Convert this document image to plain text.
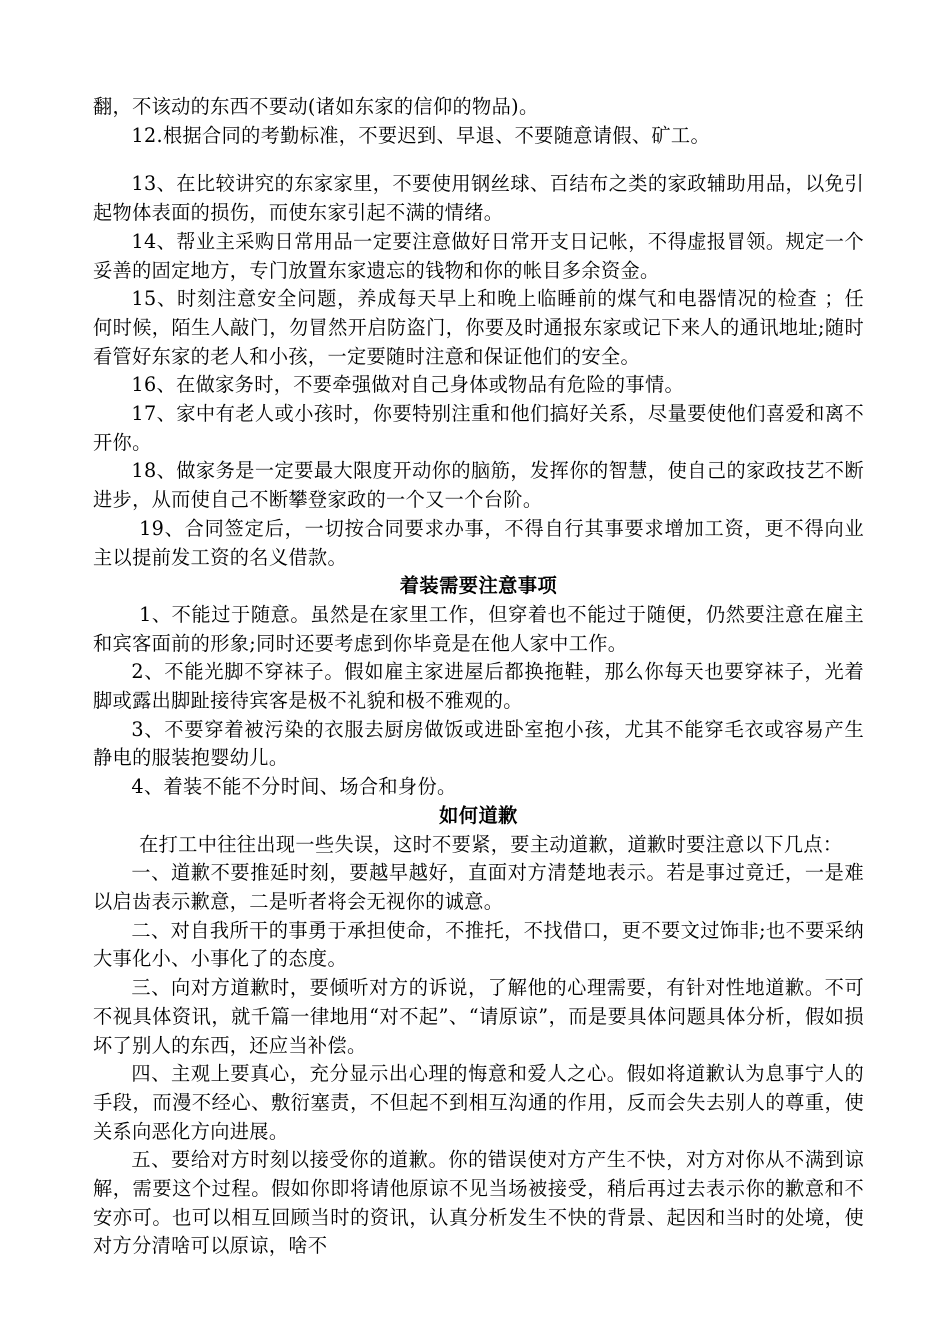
翻，不该动的东西不要动(诸如东家的信仰的物品)。

12.根据合同的考勤标准，不要迟到、早退、不要随意请假、矿工。

13、在比较讲究的东家家里，不要使用钢丝球、百结布之类的家政辅助用品，以免引起物体表面的损伤，而使东家引起不满的情绪。

14、帮业主采购日常用品一定要注意做好日常开支日记帐，不得虚报冒领。规定一个妥善的固定地方，专门放置东家遗忘的钱物和你的帐目多余资金。

15、时刻注意安全问题，养成每天早上和晚上临睡前的煤气和电器情况的检查 ；任何时候，陌生人敲门，勿冒然开启防盗门，你要及时通报东家或记下来人的通讯地址;随时看管好东家的老人和小孩，一定要随时注意和保证他们的安全。

16、在做家务时，不要牵强做对自己身体或物品有危险的事情。

17、家中有老人或小孩时，你要特别注重和他们搞好关系，尽量要使他们喜爱和离不开你。

18、做家务是一定要最大限度开动你的脑筋，发挥你的智慧，使自己的家政技艺不断进步，从而使自己不断攀登家政的一个又一个台阶。

19、合同签定后，一切按合同要求办事，不得自行其事要求增加工资，更不得向业主以提前发工资的名义借款。

着装需要注意事项

1、不能过于随意。虽然是在家里工作，但穿着也不能过于随便，仍然要注意在雇主和宾客面前的形象;同时还要考虑到你毕竟是在他人家中工作。

2、不能光脚不穿袜子。假如雇主家进屋后都换拖鞋，那么你每天也要穿袜子，光着脚或露出脚趾接待宾客是极不礼貌和极不雅观的。

3、不要穿着被污染的衣服去厨房做饭或进卧室抱小孩，尤其不能穿毛衣或容易产生静电的服装抱婴幼儿。

4、着装不能不分时间、场合和身份。

如何道歉

在打工中往往出现一些失误，这时不要紧，要主动道歉，道歉时要注意以下几点：

一、道歉不要推延时刻，要越早越好，直面对方清楚地表示。若是事过竟迁，一是难以启齿表示歉意，二是听者将会无视你的诚意。

二、对自我所干的事勇于承担使命，不推托，不找借口，更不要文过饰非;也不要采纳大事化小、小事化了的态度。

三、向对方道歉时，要倾听对方的诉说，了解他的心理需要，有针对性地道歉。不可不视具体资讯，就千篇一律地用“对不起”、“请原谅”，而是要具体问题具体分析，假如损坏了别人的东西，还应当补偿。

四、主观上要真心，充分显示出心理的悔意和爱人之心。假如将道歉认为息事宁人的手段，而漫不经心、敷衍塞责，不但起不到相互沟通的作用，反而会失去别人的尊重，使关系向恶化方向进展。

五、要给对方时刻以接受你的道歉。你的错误使对方产生不快，对方对你从不满到谅解，需要这个过程。假如你即将请他原谅不见当场被接受，稍后再过去表示你的歉意和不安亦可。也可以相互回顾当时的资讯，认真分析发生不快的背景、起因和当时的处境，使对方分清啥可以原谅，啥不
